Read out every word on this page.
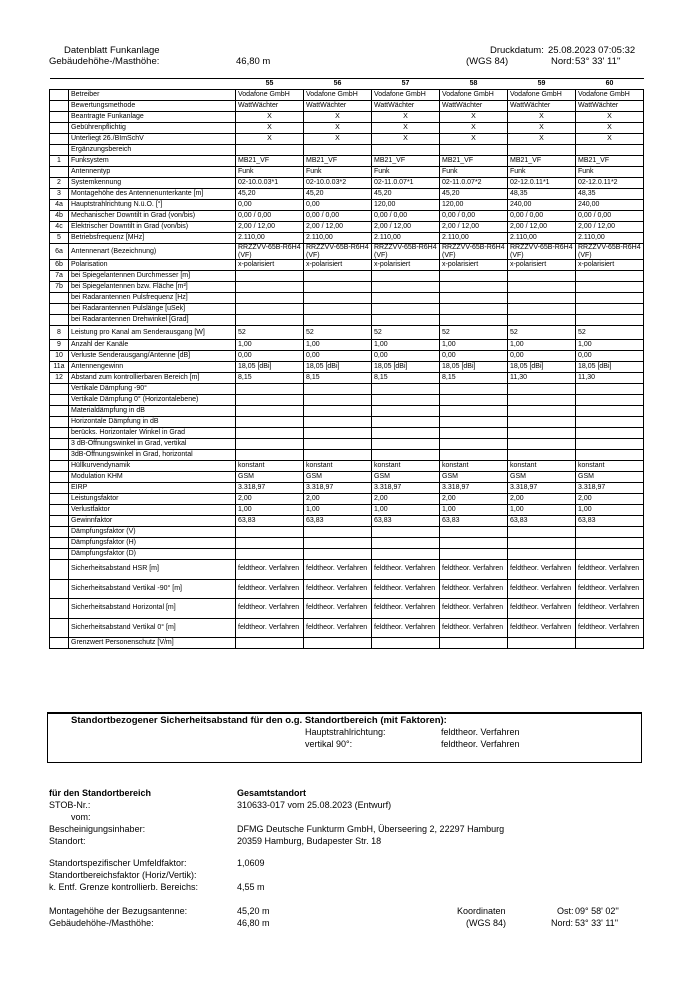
Datenblatt Funkanlage	Druckdatum: 25.08.2023 07:05:32
Gebäudehöhe-/Masthöhe:	46,80 m	(WGS 84)	Nord: 53° 33' 11''
		55	56	57	58	59	60
	Betreiber	Vodafone GmbH	Vodafone GmbH	Vodafone GmbH	Vodafone GmbH	Vodafone GmbH	Vodafone GmbH
	Bewertungsmethode	WattWächter	WattWächter	WattWächter	WattWächter	WattWächter	WattWächter
	Beantragte Funkanlage	X	X	X	X	X	X
	Gebührenpflichtig	X	X	X	X	X	X
	Unterliegt 26./BImSchV	X	X	X	X	X	X
	Ergänzungsbereich						
1	Funksystem	MB21_VF	MB21_VF	MB21_VF	MB21_VF	MB21_VF	MB21_VF
	Antennentyp	Funk	Funk	Funk	Funk	Funk	Funk
2	Systemkennung	02-10.0.03*1	02-10.0.03*2	02-11.0.07*1	02-11.0.07*2	02-12.0.11*1	02-12.0.11*2
3	Montagehöhe des Antennenunterkante [m]	45,20	45,20	45,20	45,20	48,35	48,35
4a	Hauptstrahlrichtung N.ü.O. [°]	0,00	0,00	120,00	120,00	240,00	240,00
4b	Mechanischer Downtilt in Grad (von/bis)	0,00 / 0,00	0,00 / 0,00	0,00 / 0,00	0,00 / 0,00	0,00 / 0,00	0,00 / 0,00
4c	Elektrischer Downtilt in Grad (von/bis)	2,00 / 12,00	2,00 / 12,00	2,00 / 12,00	2,00 / 12,00	2,00 / 12,00	2,00 / 12,00
5	Betriebsfrequenz [MHz]	2.110,00	2.110,00	2.110,00	2.110,00	2.110,00	2.110,00
6a	Antennenart (Bezeichnung)	RRZZVV-65B-R6H4 (VF)	RRZZVV-65B-R6H4 (VF)	RRZZVV-65B-R6H4 (VF)	RRZZVV-65B-R6H4 (VF)	RRZZVV-65B-R6H4 (VF)	RRZZVV-65B-R6H4 (VF)
6b	Polarisation	x-polarisiert	x-polarisiert	x-polarisiert	x-polarisiert	x-polarisiert	x-polarisiert
7a	bei Spiegelantennen Durchmesser [m]						
7b	bei Spiegelantennen bzw. Fläche [m²]						
	bei Radarantennen Pulsfrequenz [Hz]						
	bei Radarantennen Pulslänge [uSek]						
	bei Radarantennen Drehwinkel [Grad]						
8	Leistung pro Kanal am Senderausgang [W]	52	52	52	52	52	52
9	Anzahl der Kanäle	1,00	1,00	1,00	1,00	1,00	1,00
10	Verluste Senderausgang/Antenne [dB]	0,00	0,00	0,00	0,00	0,00	0,00
11a	Antennengewinn	18,05 [dBi]	18,05 [dBi]	18,05 [dBi]	18,05 [dBi]	18,05 [dBi]	18,05 [dBi]
12	Abstand zum kontrollierbaren Bereich [m]	8,15	8,15	8,15	8,15	11,30	11,30
	Vertikale Dämpfung -90°						
	Vertikale Dämpfung 0° (Horizontalebene)						
	Materialdämpfung in dB						
	Horizontale Dämpfung in dB						
	berücks. Horizontaler Winkel in Grad						
	3 dB-Öffnungswinkel in Grad, vertikal						
	3dB-Öffnungswinkel in Grad, horizontal						
	Hüllkurvendynamik	konstant	konstant	konstant	konstant	konstant	konstant
	Modulation KHM	GSM	GSM	GSM	GSM	GSM	GSM
	EIRP	3.318,97	3.318,97	3.318,97	3.318,97	3.318,97	3.318,97
	Leistungsfaktor	2,00	2,00	2,00	2,00	2,00	2,00
	Verlustfaktor	1,00	1,00	1,00	1,00	1,00	1,00
	Gewinnfaktor	63,83	63,83	63,83	63,83	63,83	63,83
	Dämpfungsfaktor (V)						
	Dämpfungsfaktor (H)						
	Dämpfungsfaktor (D)						
	Sicherheitsabstand HSR [m]	feldtheor. Verfahren	feldtheor. Verfahren	feldtheor. Verfahren	feldtheor. Verfahren	feldtheor. Verfahren	feldtheor. Verfahren
	Sicherheitsabstand Vertikal -90° [m]	feldtheor. Verfahren	feldtheor. Verfahren	feldtheor. Verfahren	feldtheor. Verfahren	feldtheor. Verfahren	feldtheor. Verfahren
	Sicherheitsabstand Horizontal [m]	feldtheor. Verfahren	feldtheor. Verfahren	feldtheor. Verfahren	feldtheor. Verfahren	feldtheor. Verfahren	feldtheor. Verfahren
	Sicherheitsabstand Vertikal 0° [m]	feldtheor. Verfahren	feldtheor. Verfahren	feldtheor. Verfahren	feldtheor. Verfahren	feldtheor. Verfahren	feldtheor. Verfahren
	Grenzwert Personenschutz [V/m]						
Standortbezogener Sicherheitsabstand für den o.g. Standortbereich (mit Faktoren):
Hauptstrahlrichtung:	feldtheor. Verfahren
vertikal 90°:	feldtheor. Verfahren
für den Standortbereich	Gesamtstandort
STOB-Nr.:	310633-017 vom 25.08.2023 (Entwurf)
vom:
Bescheinigungsinhaber:	DFMG Deutsche Funkturm GmbH, Überseering 2, 22297 Hamburg
Standort:	20359 Hamburg, Budapester Str. 18
Standortspezifischer Umfeldfaktor:	1,0609
Standortbereichsfaktor (Horiz/Vertik):
k. Entf. Grenze kontrollierb. Bereichs:	4,55 m
Montagehöhe der Bezugsantenne:	45,20 m
Gebäudehöhe-/Masthöhe:	46,80 m
Koordinaten
(WGS 84)
Ost: 09° 58' 02''
Nord: 53° 33' 11''
